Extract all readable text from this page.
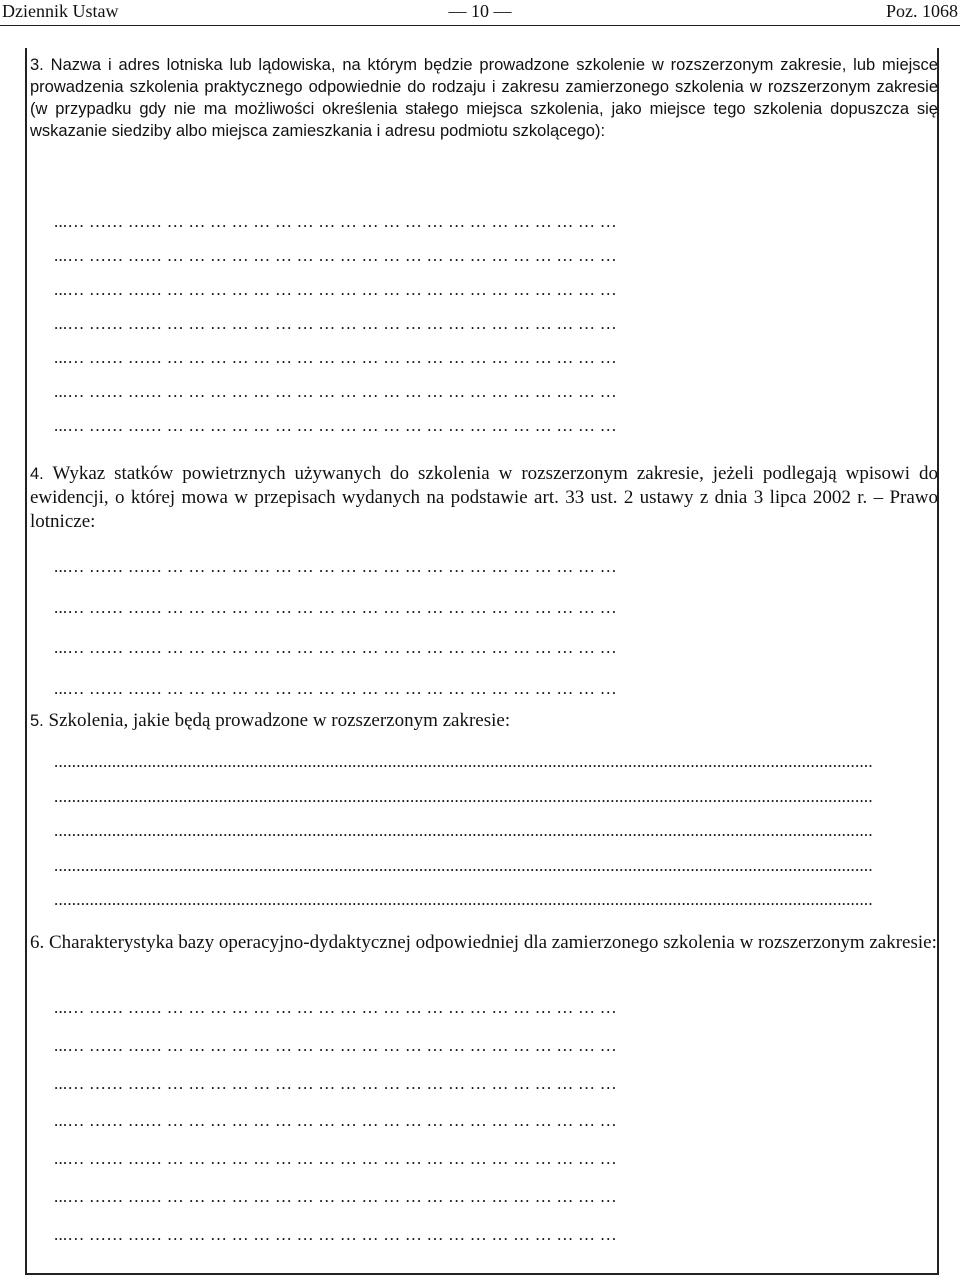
Dziennik Ustaw	— 10 —	Poz. 1068

3. Nazwa i adres lotniska lub lądowiska, na którym będzie prowadzone szkolenie w rozszerzonym zakresie, lub miejsce prowadzenia szkolenia praktycznego odpowiednie do rodzaju i zakresu zamierzonego szkolenia w rozszerzonym zakresie (w przypadku gdy nie ma możliwości określenia stałego miejsca szkolenia, jako miejsce tego szkolenia dopuszcza się wskazanie siedziby albo miejsca zamieszkania i adresu podmiotu szkolącego):

...… …… …… … … … … … … … … … … … … … … … … … … … … …
...… …… …… … … … … … … … … … … … … … … … … … … … … …
...… …… …… … … … … … … … … … … … … … … … … … … … … …
...… …… …… … … … … … … … … … … … … … … … … … … … … …
...… …… …… … … … … … … … … … … … … … … … … … … … … …
...… …… …… … … … … … … … … … … … … … … … … … … … … …
...… …… …… … … … … … … … … … … … … … … … … … … … … …

4. Wykaz statków powietrznych używanych do szkolenia w rozszerzonym zakresie, jeżeli podlegają wpisowi do ewidencji, o której mowa w przepisach wydanych na podstawie art. 33 ust. 2 ustawy z dnia 3 lipca 2002 r. – Prawo lotnicze:

...… …… …… … … … … … … … … … … … … … … … … … … … … …
...… …… …… … … … … … … … … … … … … … … … … … … … … …
...… …… …… … … … … … … … … … … … … … … … … … … … … …
...… …… …… … … … … … … … … … … … … … … … … … … … … …

5. Szkolenia, jakie będą prowadzone w rozszerzonym zakresie:

........................................................................................................................................................................................
........................................................................................................................................................................................
........................................................................................................................................................................................
........................................................................................................................................................................................
........................................................................................................................................................................................

6. Charakterystyka bazy operacyjno-dydaktycznej odpowiedniej dla zamierzonego szkolenia w rozszerzonym zakresie:

...… …… …… … … … … … … … … … … … … … … … … … … … … …
...… …… …… … … … … … … … … … … … … … … … … … … … … …
...… …… …… … … … … … … … … … … … … … … … … … … … … …
...… …… …… … … … … … … … … … … … … … … … … … … … … …
...… …… …… … … … … … … … … … … … … … … … … … … … … …
...… …… …… … … … … … … … … … … … … … … … … … … … … …
...… …… …… … … … … … … … … … … … … … … … … … … … … …
